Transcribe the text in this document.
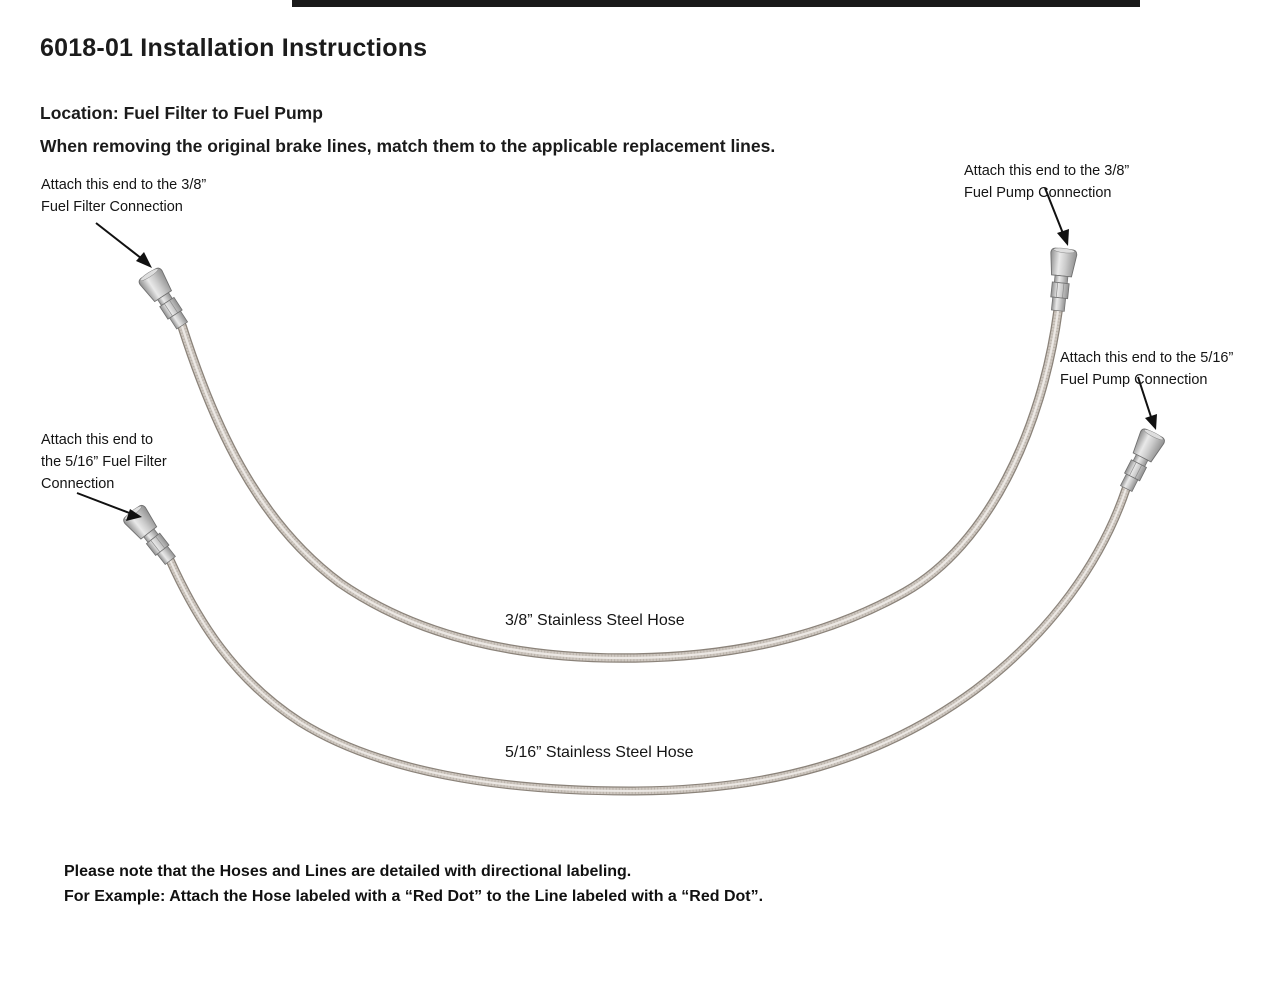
6018-01 Installation Instructions
Location: Fuel Filter to Fuel Pump
When removing the original brake lines, match them to the applicable replacement lines.
Attach this end to the 3/8”
Fuel Filter Connection
Attach this end to the 3/8”
Fuel Pump Connection
Attach this end to the 5/16”
Fuel Pump Connection
Attach this end to
the 5/16” Fuel Filter
Connection
3/8” Stainless Steel Hose
5/16” Stainless Steel Hose
Please note that the Hoses and Lines are detailed with directional labeling.
For Example: Attach the Hose labeled with a “Red Dot” to the Line labeled with a “Red Dot”.
